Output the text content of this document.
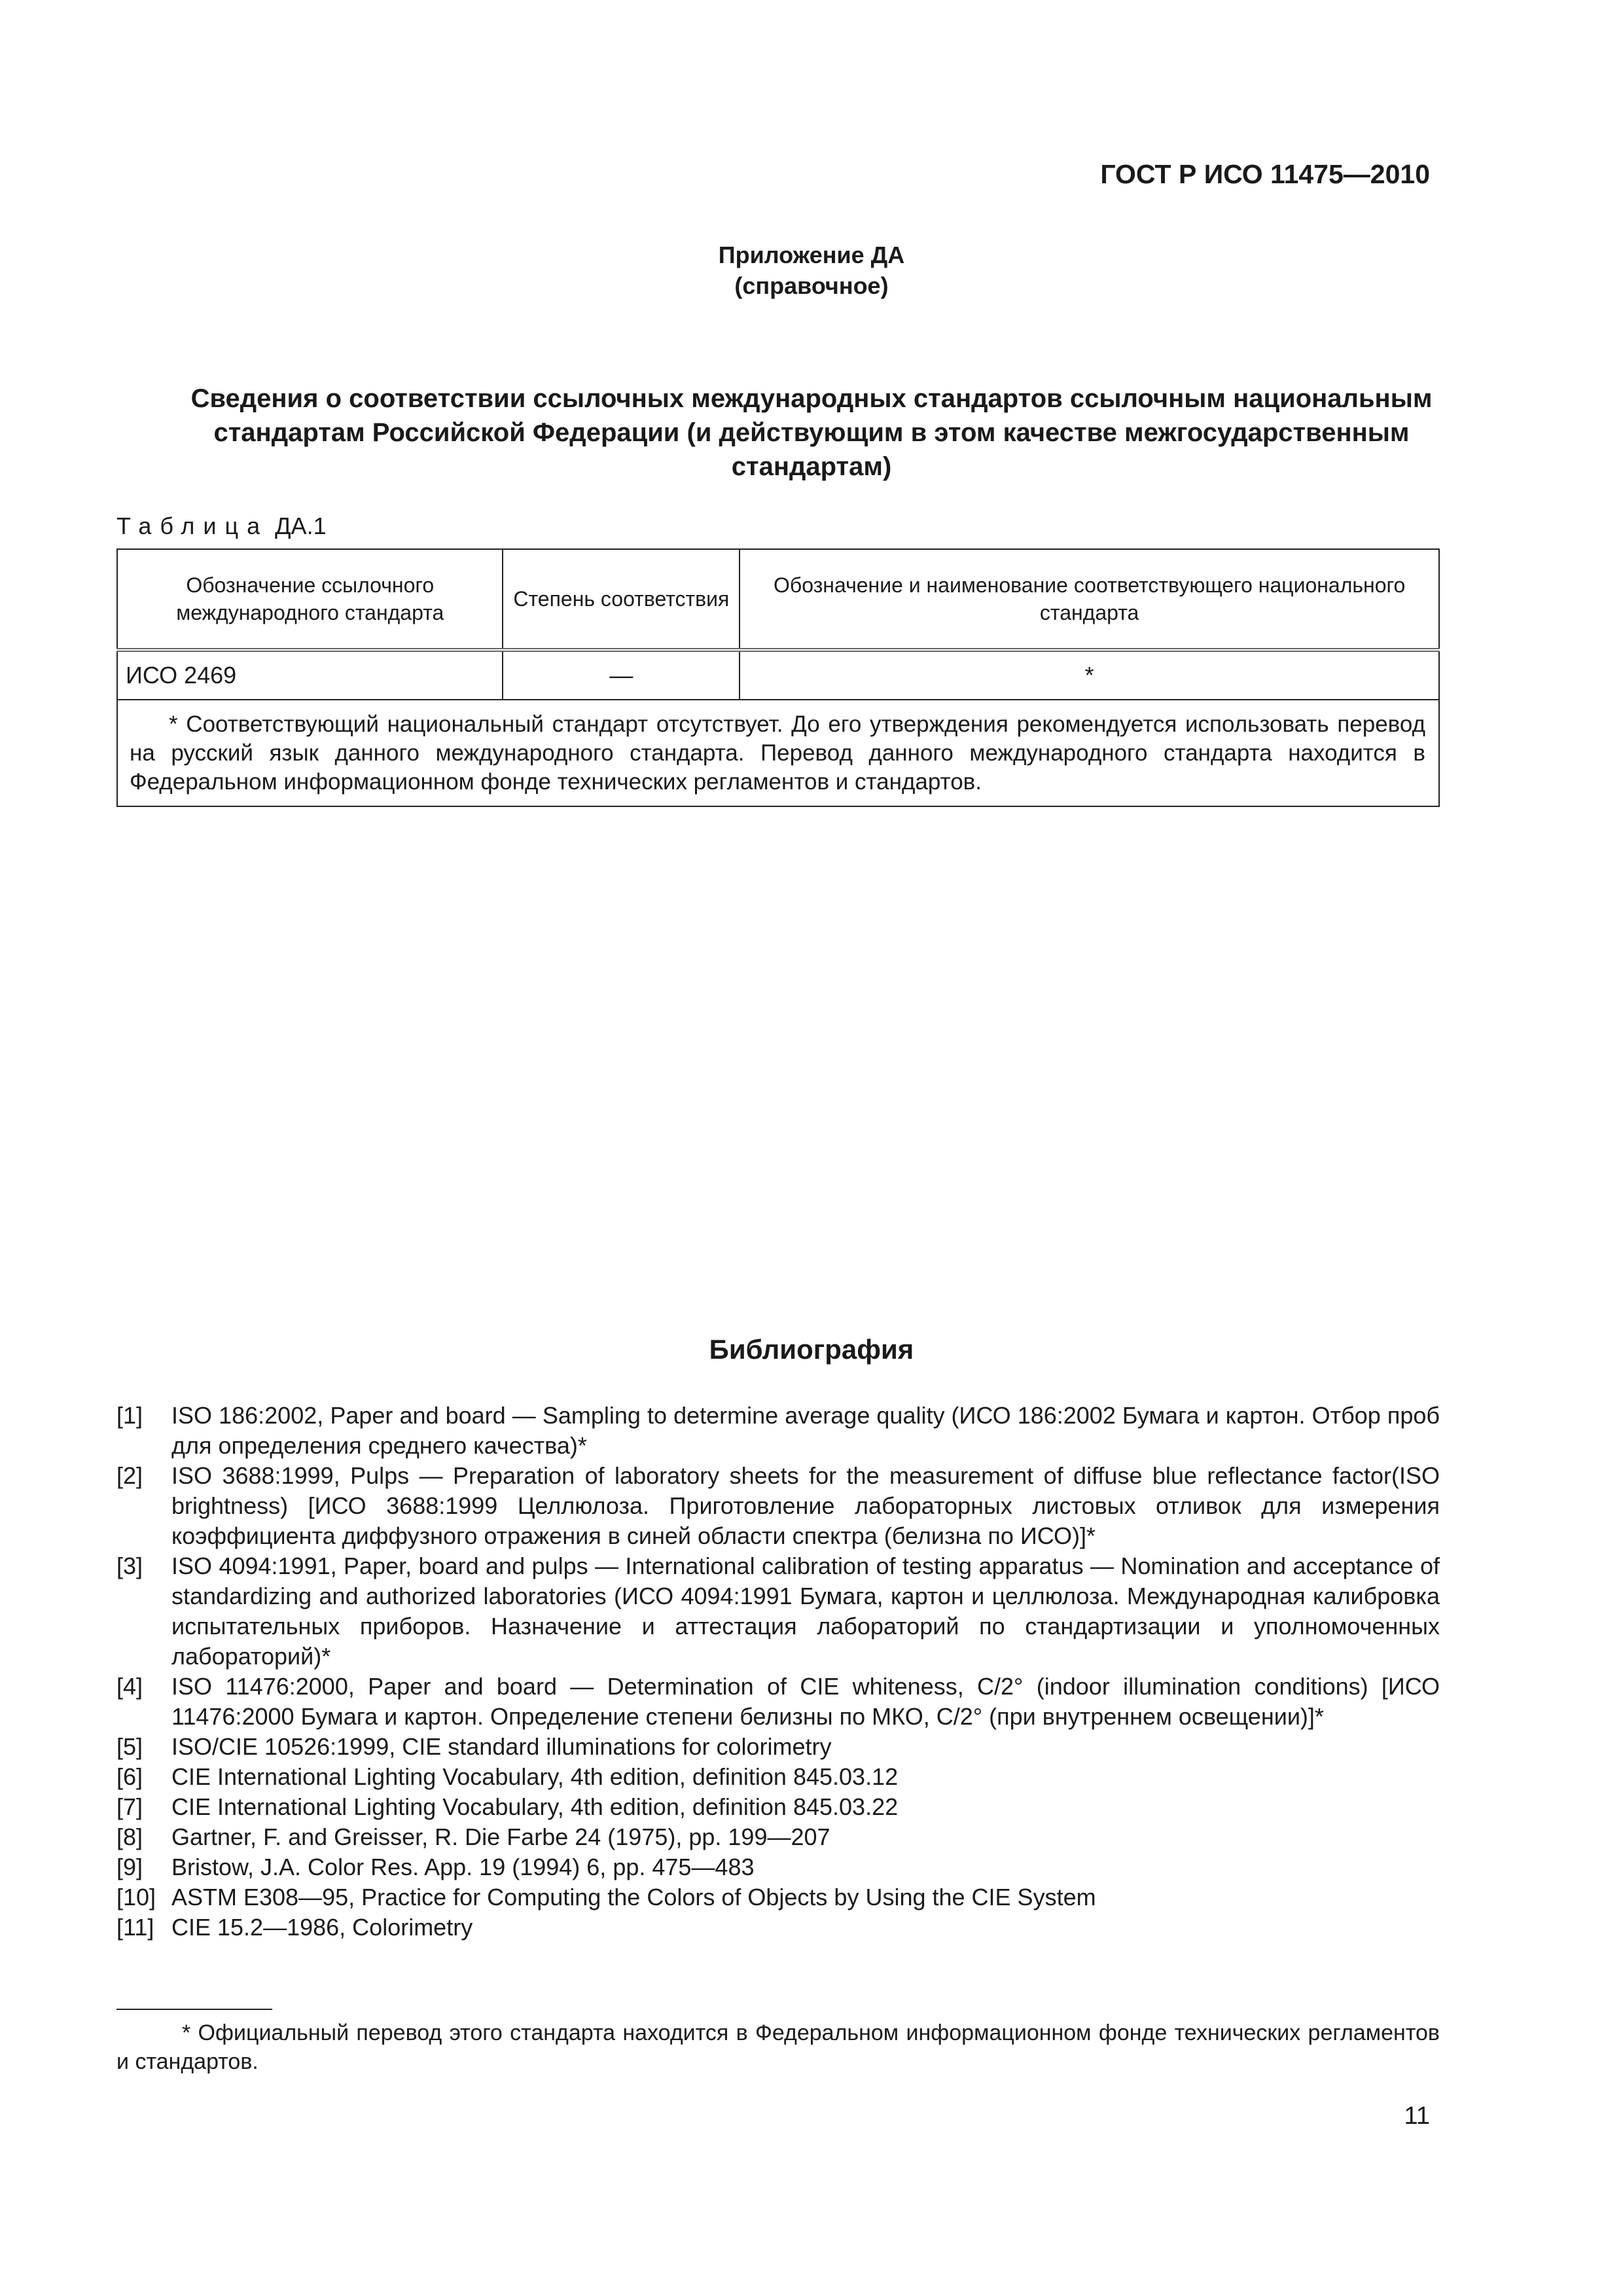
ГОСТ Р ИСО 11475—2010

Приложение ДА
(справочное)

Сведения о соответствии ссылочных международных стандартов ссылочным национальным стандартам Российской Федерации (и действующим в этом качестве межгосударственным стандартам)

Таблица ДА.1

Обозначение ссылочного международного стандарта	Степень соответствия	Обозначение и наименование соответствующего национального стандарта
ИСО 2469	—	*
* Соответствующий национальный стандарт отсутствует. До его утверждения рекомендуется использовать перевод на русский язык данного международного стандарта. Перевод данного международного стандарта находится в Федеральном информационном фонде технических регламентов и стандартов.		

Библиография

[1] ISO 186:2002, Paper and board — Sampling to determine average quality (ИСО 186:2002 Бумага и картон. Отбор проб для определения среднего качества)*
[2] ISO 3688:1999, Pulps — Preparation of laboratory sheets for the measurement of diffuse blue reflectance factor(ISO brightness) [ИСО 3688:1999 Целлюлоза. Приготовление лабораторных листовых отливок для измерения коэффициента диффузного отражения в синей области спектра (белизна по ИСО)]*
[3] ISO 4094:1991, Paper, board and pulps — International calibration of testing apparatus — Nomination and acceptance of standardizing and authorized laboratories (ИСО 4094:1991 Бумага, картон и целлюлоза. Международная калибровка испытательных приборов. Назначение и аттестация лабораторий по стандартизации и уполномоченных лабораторий)*
[4] ISO 11476:2000, Paper and board — Determination of CIE whiteness, C/2° (indoor illumination conditions) [ИСО 11476:2000 Бумага и картон. Определение степени белизны по МКО, C/2° (при внутреннем освещении)]*
[5] ISO/CIE 10526:1999, CIE standard illuminations for colorimetry
[6] CIE International Lighting Vocabulary, 4th edition, definition 845.03.12
[7] CIE International Lighting Vocabulary, 4th edition, definition 845.03.22
[8] Gartner, F. and Greisser, R. Die Farbe 24 (1975), pp. 199—207
[9] Bristow, J.A. Color Res. App. 19 (1994) 6, pp. 475—483
[10] ASTM E308—95, Practice for Computing the Colors of Objects by Using the CIE System
[11] CIE 15.2—1986, Colorimetry

* Официальный перевод этого стандарта находится в Федеральном информационном фонде технических регламентов и стандартов.

11
